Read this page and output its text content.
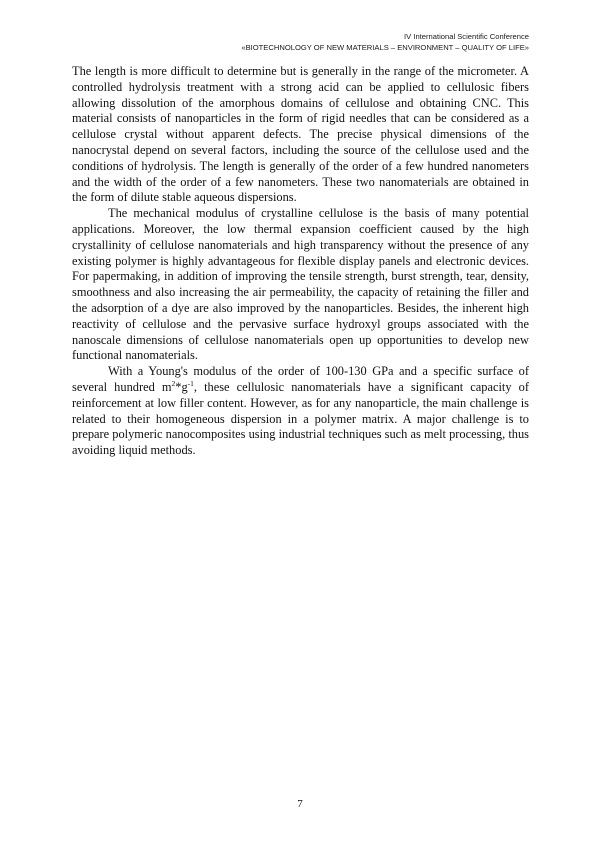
IV International Scientific Conference
«BIOTECHNOLOGY OF NEW MATERIALS – ENVIRONMENT – QUALITY OF LIFE»

The length is more difficult to determine but is generally in the range of the micrometer. A controlled hydrolysis treatment with a strong acid can be applied to cellulosic fibers allowing dissolution of the amorphous domains of cellulose and obtaining CNC. This material consists of nanoparticles in the form of rigid needles that can be considered as a cellulose crystal without apparent defects. The precise physical dimensions of the nanocrystal depend on several factors, including the source of the cellulose used and the conditions of hydrolysis. The length is generally of the order of a few hundred nanometers and the width of the order of a few nanometers. These two nanomaterials are obtained in the form of dilute stable aqueous dispersions.

The mechanical modulus of crystalline cellulose is the basis of many potential applications. Moreover, the low thermal expansion coefficient caused by the high crystallinity of cellulose nanomaterials and high transparency without the presence of any existing polymer is highly advantageous for flexible display panels and electronic devices. For papermaking, in addition of improving the tensile strength, burst strength, tear, density, smoothness and also increasing the air permeability, the capacity of retaining the filler and the adsorption of a dye are also improved by the nanoparticles. Besides, the inherent high reactivity of cellulose and the pervasive surface hydroxyl groups associated with the nanoscale dimensions of cellulose nanomaterials open up opportunities to develop new functional nanomaterials.

With a Young's modulus of the order of 100-130 GPa and a specific surface of several hundred $m^2*g^{-1}$, these cellulosic nanomaterials have a significant capacity of reinforcement at low filler content. However, as for any nanoparticle, the main challenge is related to their homogeneous dispersion in a polymer matrix. A major challenge is to prepare polymeric nanocomposites using industrial techniques such as melt processing, thus avoiding liquid methods.

7
